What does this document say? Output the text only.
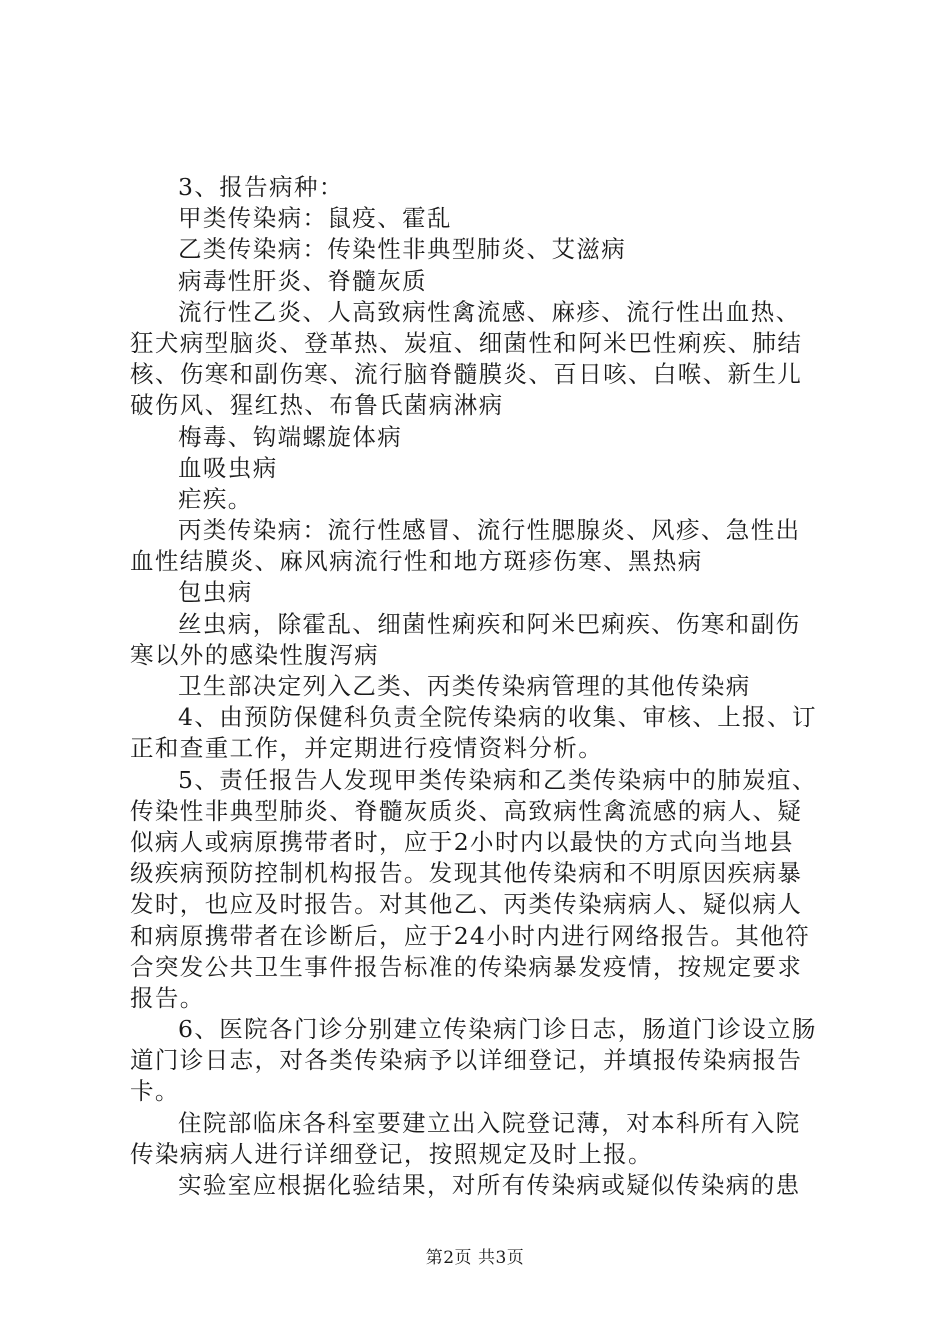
3、报告病种：
甲类传染病：鼠疫、霍乱
乙类传染病：传染性非典型肺炎、艾滋病
病毒性肝炎、脊髓灰质
流行性乙炎、人高致病性禽流感、麻疹、流行性出血热、
狂犬病型脑炎、登革热、炭疽、细菌性和阿米巴性痢疾、肺结
核、伤寒和副伤寒、流行脑脊髓膜炎、百日咳、白喉、新生儿
破伤风、猩红热、布鲁氏菌病淋病
梅毒、钩端螺旋体病
血吸虫病
疟疾。
丙类传染病：流行性感冒、流行性腮腺炎、风疹、急性出
血性结膜炎、麻风病流行性和地方斑疹伤寒、黑热病
包虫病
丝虫病，除霍乱、细菌性痢疾和阿米巴痢疾、伤寒和副伤
寒以外的感染性腹泻病
卫生部决定列入乙类、丙类传染病管理的其他传染病
4、由预防保健科负责全院传染病的收集、审核、上报、订
正和查重工作，并定期进行疫情资料分析。
5、责任报告人发现甲类传染病和乙类传染病中的肺炭疽、
传染性非典型肺炎、脊髓灰质炎、高致病性禽流感的病人、疑
似病人或病原携带者时，应于2小时内以最快的方式向当地县
级疾病预防控制机构报告。发现其他传染病和不明原因疾病暴
发时，也应及时报告。对其他乙、丙类传染病病人、疑似病人
和病原携带者在诊断后，应于24小时内进行网络报告。其他符
合突发公共卫生事件报告标准的传染病暴发疫情，按规定要求
报告。
6、医院各门诊分别建立传染病门诊日志，肠道门诊设立肠
道门诊日志，对各类传染病予以详细登记，并填报传染病报告
卡。
住院部临床各科室要建立出入院登记薄，对本科所有入院
传染病病人进行详细登记，按照规定及时上报。
实验室应根据化验结果，对所有传染病或疑似传染病的患
第2页 共3页
